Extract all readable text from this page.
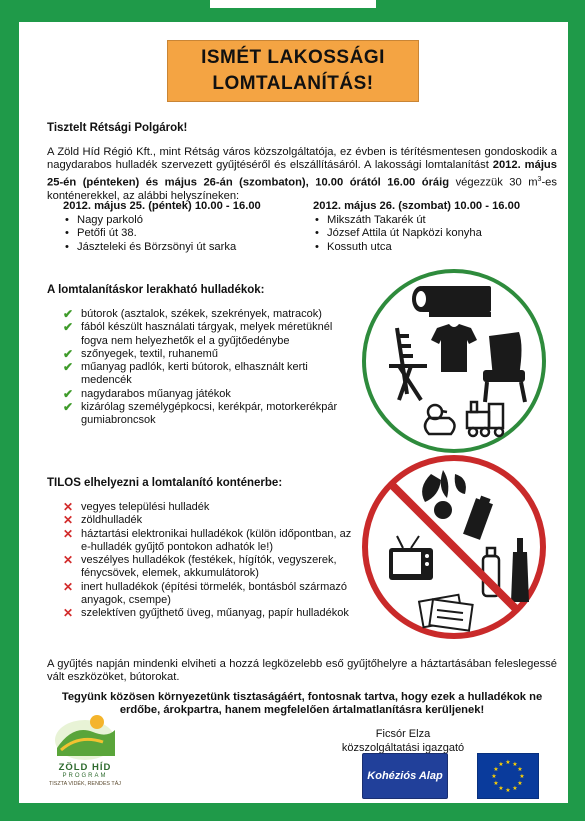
ISMÉT LAKOSSÁGI
LOMTALANÍTÁS!
Tisztelt Rétsági Polgárok!
A Zöld Híd Régió Kft., mint Rétság város közszolgáltatója, ez évben is térítésmentesen gondoskodik a nagydarabos hulladék szervezett gyűjtéséről és elszállításáról. A lakossági lomtalanítást 2012. május 25-én (pénteken) és május 26-án (szombaton), 10.00 órától 16.00 óráig végezzük 30 $m^3-es$ konténerekkel, az alábbi helyszíneken:
2012. május 25. (péntek) 10.00 - 16.00
• Nagy parkoló
• Petőfi út 38.
• Jászteleki és Börzsönyi út sarka
2012. május 26. (szombat) 10.00 - 16.00
• Mikszáth Takarék út
• József Attila út Napközi konyha
• Kossuth utca
A lomtalanításkor lerakható hulladékok:
✔ bútorok (asztalok, székek, szekrények, matracok)
✔ fából készült használati tárgyak, melyek méretüknél fogva nem helyezhetők el a gyűjtőedénybe
✔ szőnyegek, textil, ruhanemű
✔ műanyag padlók, kerti bútorok, elhasznált kerti medencék
✔ nagydarabos műanyag játékok
✔ kizárólag személygépkocsi, kerékpár, motorkerékpár gumiabroncsok
TILOS elhelyezni a lomtalanító konténerbe:
✕ vegyes települési hulladék
✕ zöldhulladék
✕ háztartási elektronikai hulladékok (külön időpontban, az e-hulladék gyűjtő pontokon adhatók le!)
✕ veszélyes hulladékok (festékek, hígítók, vegyszerek, fénycsövek, elemek, akkumulátorok)
✕ inert hulladékok (építési törmelék, bontásból származó anyagok, csempe)
✕ szelektíven gyűjthető üveg, műanyag, papír hulladékok
A gyűjtés napján mindenki elviheti a hozzá legközelebb eső gyűjtőhelyre a háztartásában feleslegessé vált eszközöket, bútorokat.
Tegyünk közösen környezetünk tisztaságáért, fontosnak tartva, hogy ezek a hulladékok ne erdőbe, árokpartra, hanem megfelelően ártalmatlanításra kerüljenek!
Ficsór Elza
közszolgáltatási igazgató
ZÖLD HÍD
PROGRAM
TISZTA VIDÉK, RENDES TÁJ
Kohéziós Alap
★ ★
★
★
★
★
★
★
★
★
★
★
